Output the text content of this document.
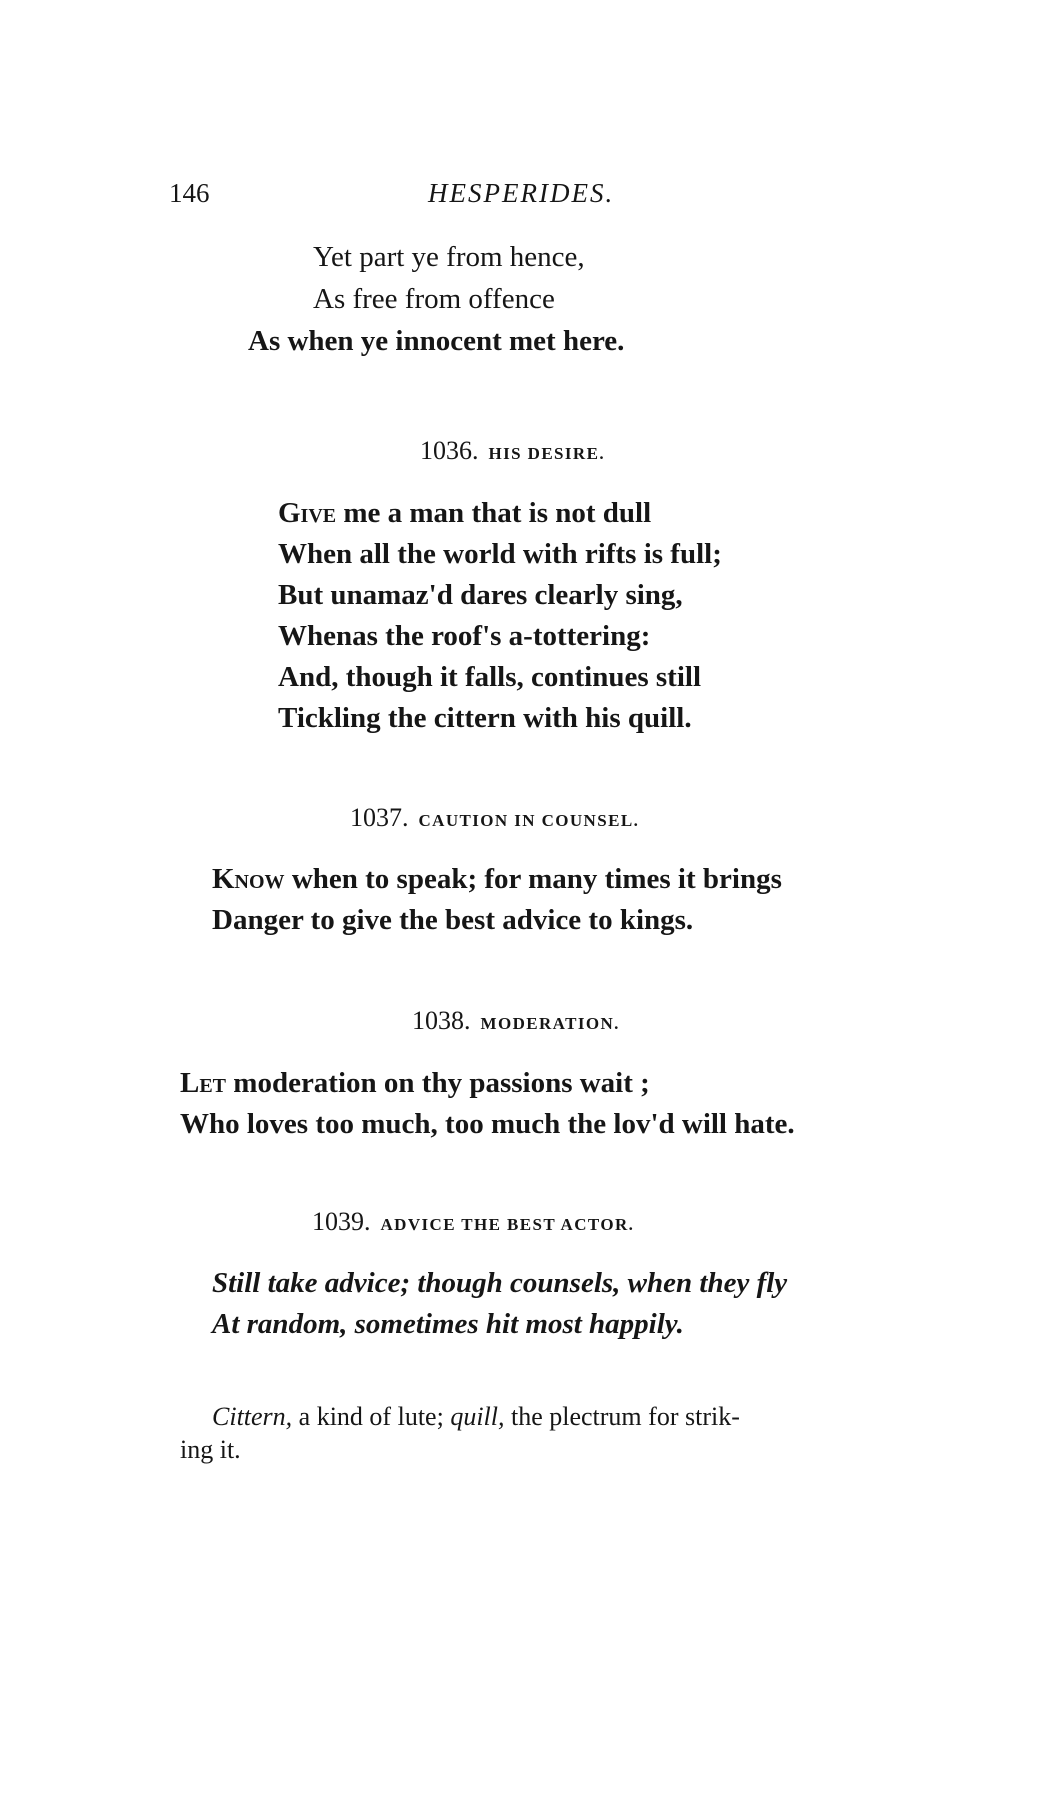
146	HESPERIDES.
Yet part ye from hence,
As free from offence
As when ye innocent met here.
1036. HIS DESIRE.
Give me a man that is not dull
When all the world with rifts is full;
But unamaz'd dares clearly sing,
Whenas the roof's a-tottering:
And, though it falls, continues still
Tickling the cittern with his quill.
1037. CAUTION IN COUNSEL.
Know when to speak; for many times it brings
Danger to give the best advice to kings.
1038. MODERATION.
Let moderation on thy passions wait ;
Who loves too much, too much the lov'd will hate.
1039. ADVICE THE BEST ACTOR.
Still take advice; though counsels, when they fly
At random, sometimes hit most happily.
Cittern, a kind of lute; quill, the plectrum for strik-
ing it.
